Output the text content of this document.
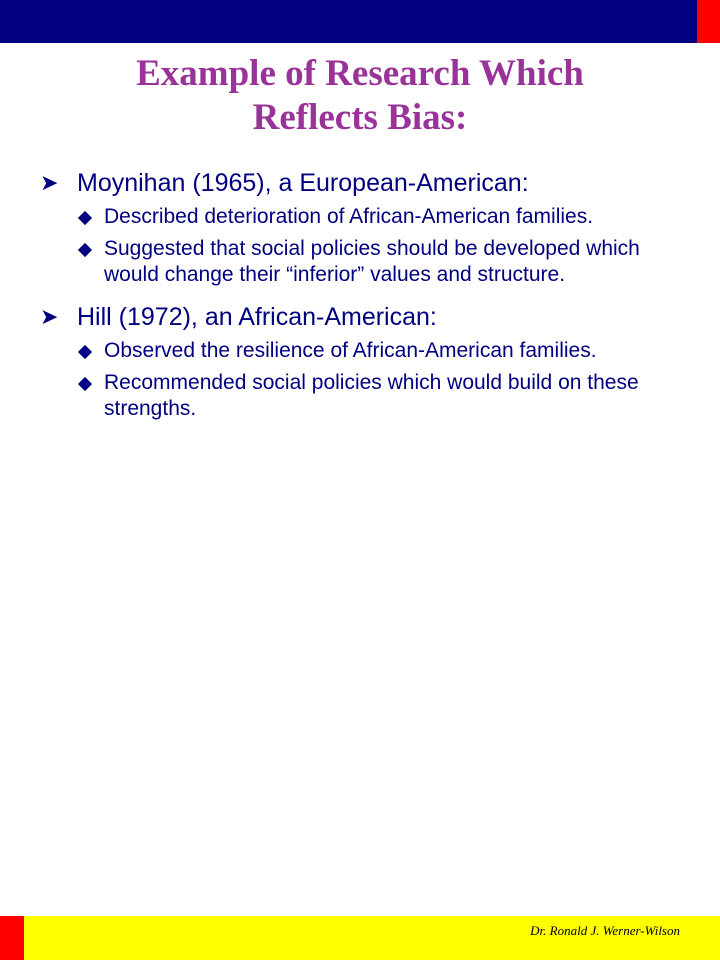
Example of Research Which
Reflects Bias:
➤ Moynihan (1965), a European-American:
Described deterioration of African-American families.
Suggested that social policies should be developed which would change their “inferior” values and structure.
➤ Hill (1972), an African-American:
Observed the resilience of African-American families.
Recommended social policies which would build on these strengths.
Dr. Ronald J. Werner-Wilson
